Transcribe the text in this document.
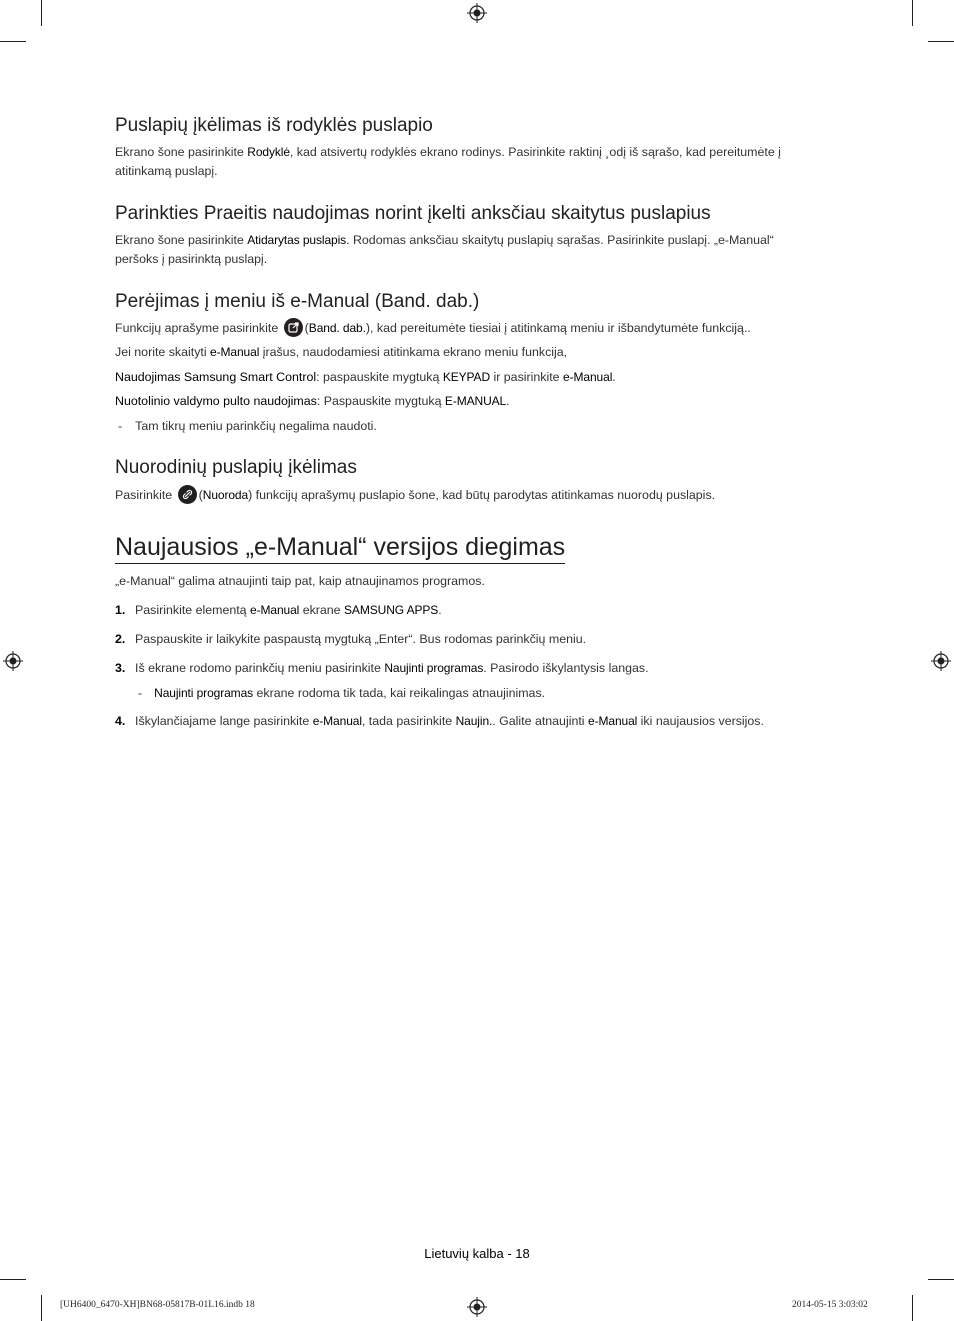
Puslapių įkėlimas iš rodyklės puslapio
Ekrano šone pasirinkite Rodyklė, kad atsivertų rodyklės ekrano rodinys. Pasirinkite raktinį ¸odį iš sąrašo, kad pereitumėte į atitinkamą puslapį.
Parinkties Praeitis naudojimas norint įkelti anksčiau skaitytus puslapius
Ekrano šone pasirinkite Atidarytas puslapis. Rodomas anksčiau skaitytų puslapių sąrašas. Pasirinkite puslapį. „e-Manual“ peršoks į pasirinktą puslapį.
Perėjimas į meniu iš e-Manual (Band. dab.)
Funkcijų aprašyme pasirinkite
(Band. dab.), kad pereitumėte tiesiai į atitinkamą meniu ir išbandytumėte funkciją..
Jei norite skaityti e-Manual įrašus, naudodamiesi atitinkama ekrano meniu funkcija,
Naudojimas Samsung Smart Control: paspauskite mygtuką KEYPAD ir pasirinkite e-Manual.
Nuotolinio valdymo pulto naudojimas: Paspauskite mygtuką E-MANUAL.
- Tam tikrų meniu parinkčių negalima naudoti.
Nuorodinių puslapių įkėlimas
Pasirinkite
(Nuoroda) funkcijų aprašymų puslapio šone, kad būtų parodytas atitinkamas nuorodų puslapis.
Naujausios „e-Manual“ versijos diegimas
„e-Manual“ galima atnaujinti taip pat, kaip atnaujinamos programos.
1. Pasirinkite elementą e-Manual ekrane SAMSUNG APPS.
2. Paspauskite ir laikykite paspaustą mygtuką „Enter“. Bus rodomas parinkčių meniu.
3. Iš ekrane rodomo parinkčių meniu pasirinkite Naujinti programas. Pasirodo iškylantysis langas.
- Naujinti programas ekrane rodoma tik tada, kai reikalingas atnaujinimas.
4. Iškylančiajame lange pasirinkite e-Manual, tada pasirinkite Naujin.. Galite atnaujinti e-Manual iki naujausios versijos.
Lietuvių kalba - 18
[UH6400_6470-XH]BN68-05817B-01L16.indb 18	2014-05-15 3:03:02
